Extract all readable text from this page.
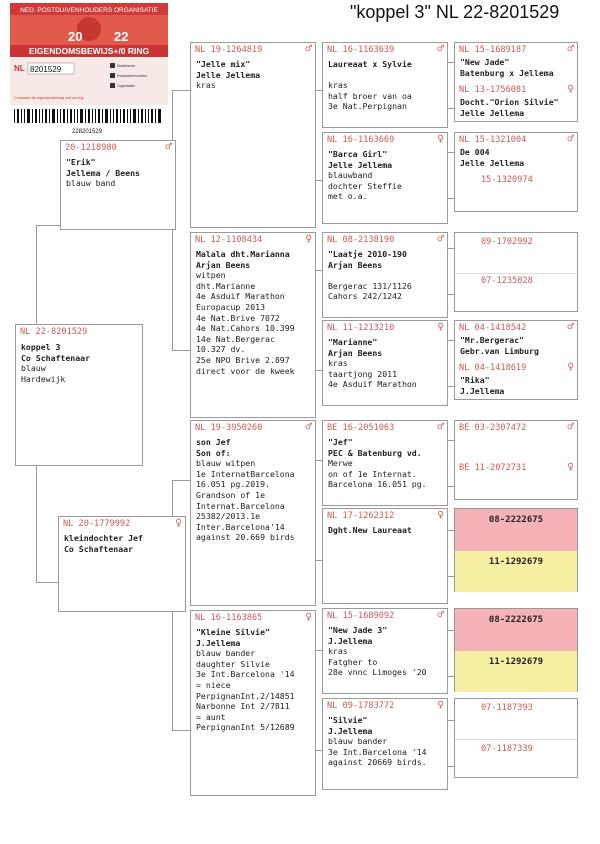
"koppel 3" NL 22-8201529
NED. POSTDUIVENHOUDERS ORGANISATIE
20 22
EIGENDOMSBEWIJS+/0 RING
NL 8201529	Nederlands
Postduivenhouders
Organisatie
Controleer de eigendomsbewijs met de ring
228201529
NL 22-8201529
koppel 3
Co Schaftenaar
blauw
Hardewijk
20-1218980	♂
"Erik"
Jellema / Beens
blauw band
NL 20-1779992	♀
kleindochter Jef
Co Schaftenaar
NL 19-1264819	♂
"Jelle mix"
Jelle Jellema
kras
NL 12-1108434	♀
Malala dht.Marianna
Arjan Beens
witpen
dht.Marianne
4e Asduif Marathon
Europacup 2013
4e Nat.Brive 7072
4e Nat.Cahors 10.399
14e Nat.Bergerac
10.327 dv.
25e NPO Brive 2.897
direct voor de kweek
NL 19-3950260	♂
son Jef
Son of:
blauw witpen
1e InternatBarcelona
16.051 pg.2019.
Grandson of 1e
Internat.Barcelona
25382/2013.1e
Inter.Barcelona'14
against 20.669 birds
NL 16-1163865	♀
"Kleine Silvie"
J.Jellema
blauw bander
daughter Silvie
3e Int.Barcelona '14
= niece
PerpignanInt.2/14851
Narbonne Int 2/7811
= aunt
PerpignanInt 5/12689
NL 16-1163639	♂
Laureaat x Sylvie

kras
half broer van oa
3e Nat.Perpignan
NL 16-1163669	♀
"Barca Girl"
Jelle Jellema
blauwband
dochter Steffie
met o.a.
NL 08-2138190	♂
"Laatje 2010-190
Arjan Beens

Bergerac 131/1126
Cahors 242/1242
NL 11-1213210	♀
"Marianne"
Arjan Beens
kras
taartjong 2011
4e Asduif Marathon
BE 16-2051063	♂
"Jef"
PEC & Batenburg vd.
Merwe
on of 1e Internat.
Barcelona 16.051 pg.
NL 17-1262312	♀
Dght.New Laureaat
NL 15-1689092	♂
"New Jade 3"
J.Jellema
kras
Fatgher to
28e vnnc Limoges '20
NL 09-1783772	♀
"Silvie"
J.Jellema
blauw bander
3e Int.Barcelona '14
against 20669 birds.
NL 15-1689187	♂
"New Jade"
Batenburg x Jellema
NL 13-1756081	♀
Docht."Orion Silvie"
Jelle Jellema
NL 15-1321004	♂
De 004
Jelle Jellema
15-1320974
09-1702992
07-1235028
NL 04-1418542	♂
"Mr.Bergerac"
Gebr.van Limburg
NL 04-1418619	♀
"Rika"
J.Jellema
BE 03-2307472	♂
BE 11-2072731	♀
08-2222675
11-1292679
08-2222675
11-1292679
07-1187393
07-1187339
